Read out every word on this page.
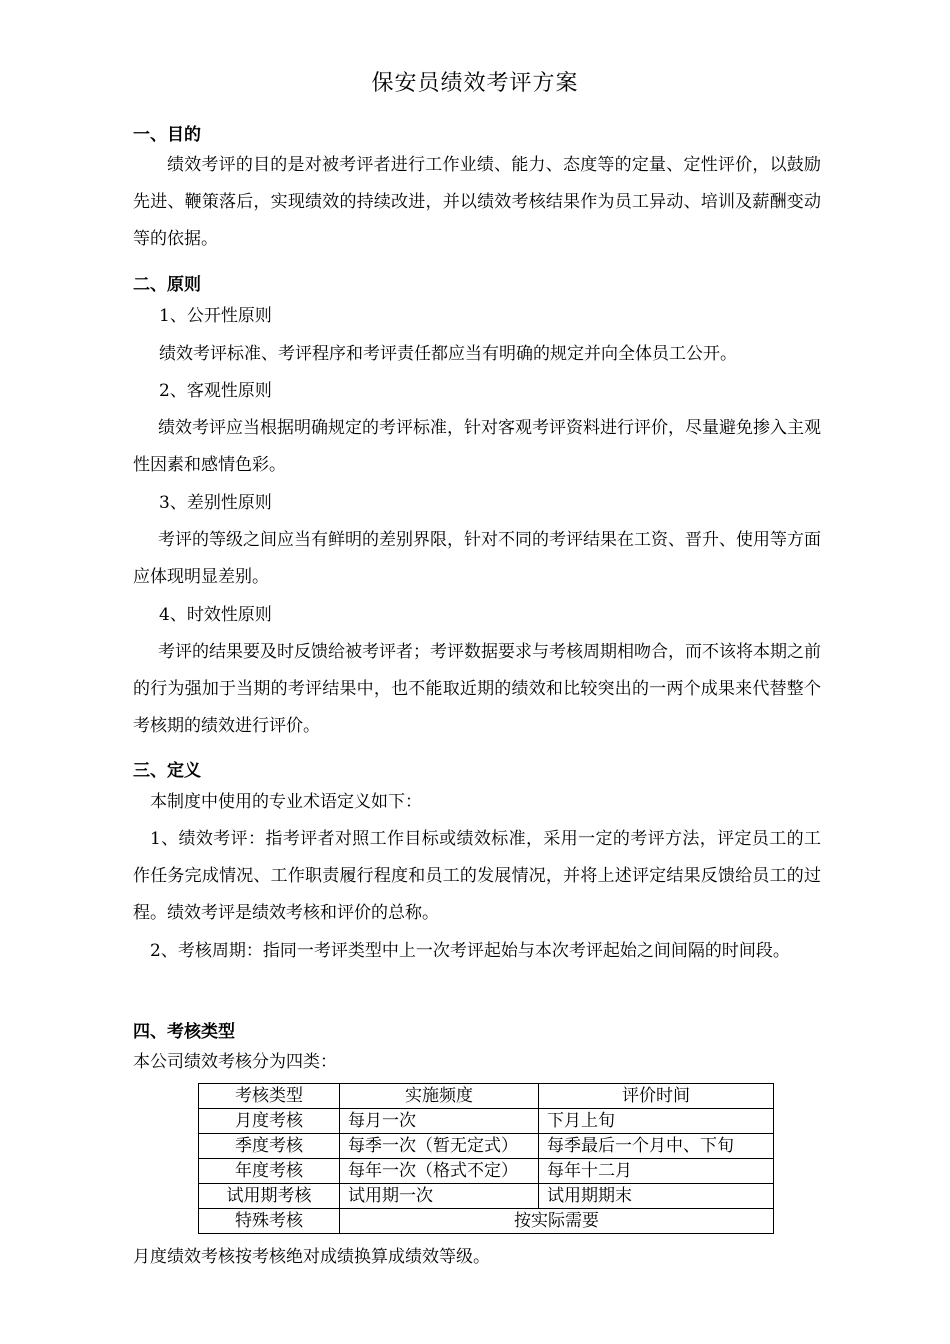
保安员绩效考评方案
一、目的
绩效考评的目的是对被考评者进行工作业绩、能力、态度等的定量、定性评价，以鼓励先进、鞭策落后，实现绩效的持续改进，并以绩效考核结果作为员工异动、培训及薪酬变动等的依据。
二、原则
1、公开性原则
绩效考评标准、考评程序和考评责任都应当有明确的规定并向全体员工公开。
2、客观性原则
绩效考评应当根据明确规定的考评标准，针对客观考评资料进行评价，尽量避免掺入主观性因素和感情色彩。
3、差别性原则
考评的等级之间应当有鲜明的差别界限，针对不同的考评结果在工资、晋升、使用等方面应体现明显差别。
4、时效性原则
考评的结果要及时反馈给被考评者；考评数据要求与考核周期相吻合，而不该将本期之前的行为强加于当期的考评结果中，也不能取近期的绩效和比较突出的一两个成果来代替整个考核期的绩效进行评价。
三、定义
本制度中使用的专业术语定义如下：
1、绩效考评：指考评者对照工作目标或绩效标准，采用一定的考评方法，评定员工的工作任务完成情况、工作职责履行程度和员工的发展情况，并将上述评定结果反馈给员工的过程。绩效考评是绩效考核和评价的总称。
2、考核周期：指同一考评类型中上一次考评起始与本次考评起始之间间隔的时间段。
四、考核类型
本公司绩效考核分为四类：
考核类型	实施频度	评价时间
月度考核	每月一次	下月上旬
季度考核	每季一次（暂无定式）	每季最后一个月中、下旬
年度考核	每年一次（格式不定）	每年十二月
试用期考核	试用期一次	试用期期末
特殊考核	按实际需要	
月度绩效考核按考核绝对成绩换算成绩效等级。
